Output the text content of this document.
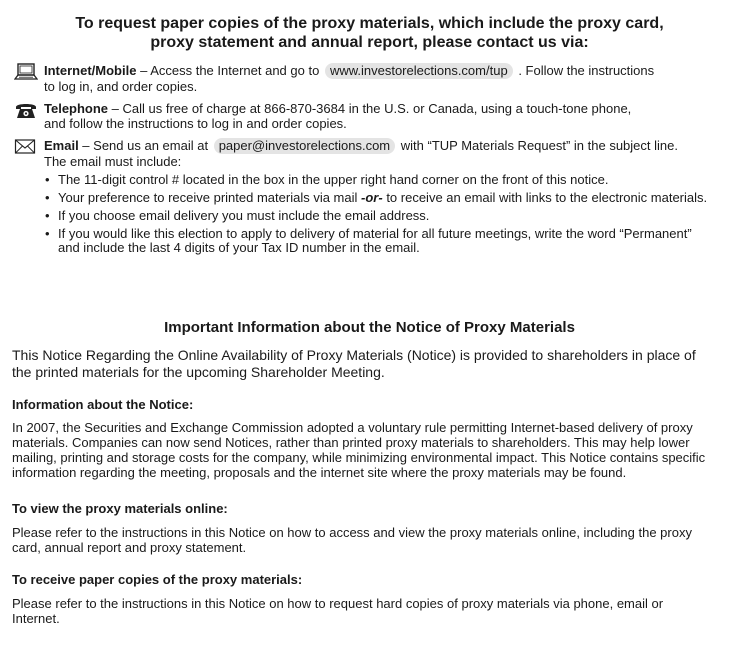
To request paper copies of the proxy materials, which include the proxy card,
proxy statement and annual report, please contact us via:
Internet/Mobile – Access the Internet and go to www.investorelections.com/tup . Follow the instructions
to log in, and order copies.
Telephone – Call us free of charge at 866-870-3684 in the U.S. or Canada, using a touch-tone phone,
and follow the instructions to log in and order copies.
Email – Send us an email at paper@investorelections.com with “TUP Materials Request” in the subject line.
The email must include:
• The 11-digit control # located in the box in the upper right hand corner on the front of this notice.
• Your preference to receive printed materials via mail -or- to receive an email with links to the electronic materials.
• If you choose email delivery you must include the email address.
• If you would like this election to apply to delivery of material for all future meetings, write the word “Permanent”
and include the last 4 digits of your Tax ID number in the email.
Important Information about the Notice of Proxy Materials

This Notice Regarding the Online Availability of Proxy Materials (Notice) is provided to shareholders in place of
the printed materials for the upcoming Shareholder Meeting.

Information about the Notice:

In 2007, the Securities and Exchange Commission adopted a voluntary rule permitting Internet-based delivery of proxy
materials. Companies can now send Notices, rather than printed proxy materials to shareholders. This may help lower
mailing, printing and storage costs for the company, while minimizing environmental impact. This Notice contains specific
information regarding the meeting, proposals and the internet site where the proxy materials may be found.

To view the proxy materials online:

Please refer to the instructions in this Notice on how to access and view the proxy materials online, including the proxy
card, annual report and proxy statement.

To receive paper copies of the proxy materials:

Please refer to the instructions in this Notice on how to request hard copies of proxy materials via phone, email or
Internet.
